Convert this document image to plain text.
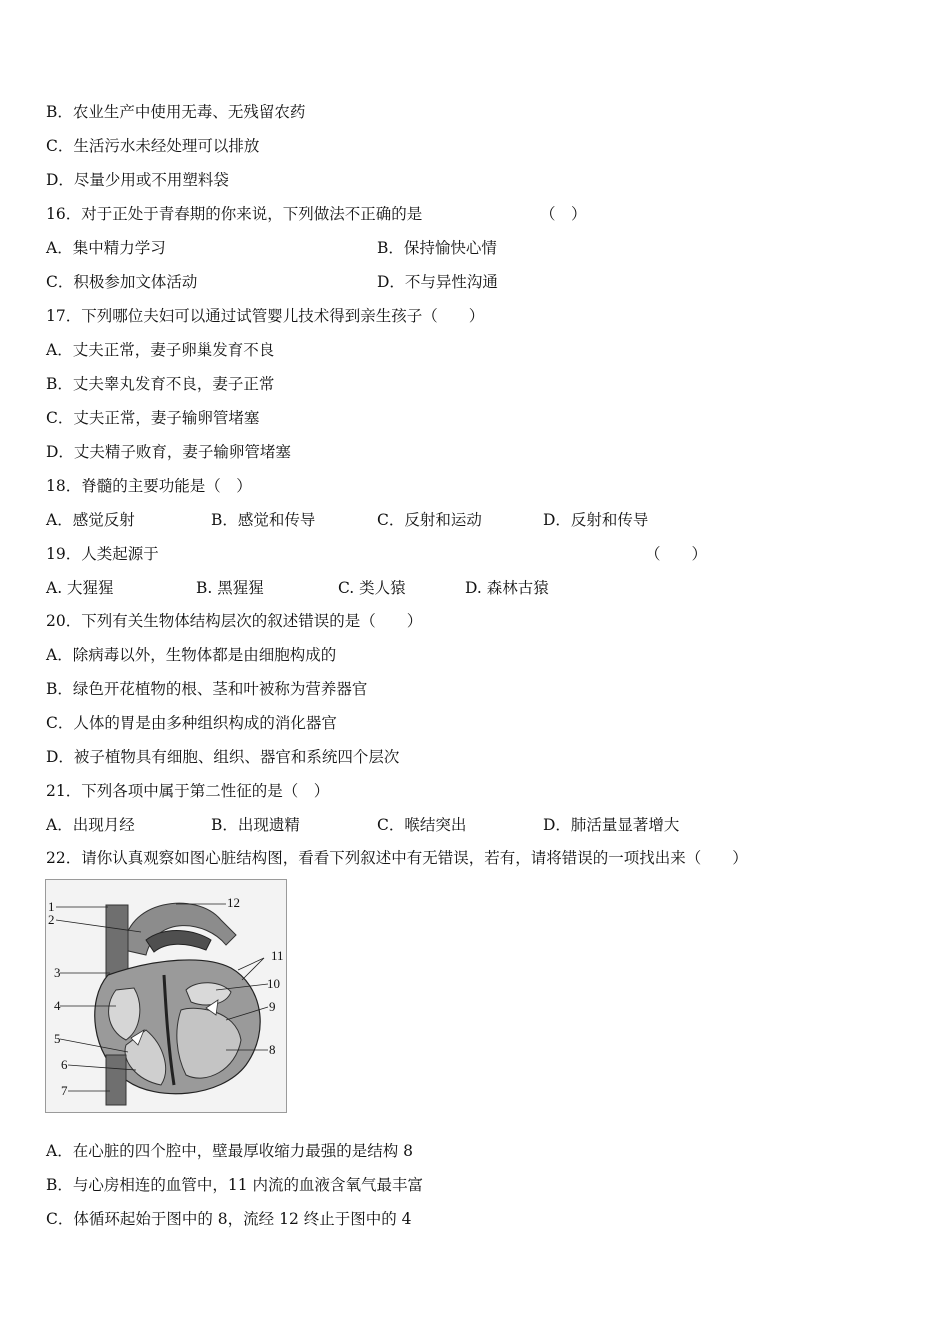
B．农业生产中使用无毒、无残留农药
C．生活污水未经处理可以排放
D．尽量少用或不用塑料袋
16．对于正处于青春期的你来说，下列做法不正确的是	（　）
A．集中精力学习	B．保持愉快心情
C．积极参加文体活动	D．不与异性沟通
17．下列哪位夫妇可以通过试管婴儿技术得到亲生孩子（　　）
A．丈夫正常，妻子卵巢发育不良
B．丈夫睾丸发育不良，妻子正常
C．丈夫正常，妻子输卵管堵塞
D．丈夫精子败育，妻子输卵管堵塞
18．脊髓的主要功能是（　）
A．感觉反射	B．感觉和传导	C．反射和运动	D．反射和传导
19．人类起源于	（　　）
A. 大猩猩	B. 黑猩猩	C. 类人猿	D. 森林古猿
20．下列有关生物体结构层次的叙述错误的是（　　）
A．除病毒以外，生物体都是由细胞构成的
B．绿色开花植物的根、茎和叶被称为营养器官
C．人体的胃是由多种组织构成的消化器官
D．被子植物具有细胞、组织、器官和系统四个层次
21．下列各项中属于第二性征的是（　）
A．出现月经	B．出现遗精	C．喉结突出	D．肺活量显著增大
22．请你认真观察如图心脏结构图，看看下列叙述中有无错误，若有，请将错误的一项找出来（　　）
1
2
3
4
5
6
7
8
9
10
11
12
A．在心脏的四个腔中，壁最厚收缩力最强的是结构 8
B．与心房相连的血管中，11 内流的血液含氧气最丰富
C．体循环起始于图中的 8，流经 12 终止于图中的 4
